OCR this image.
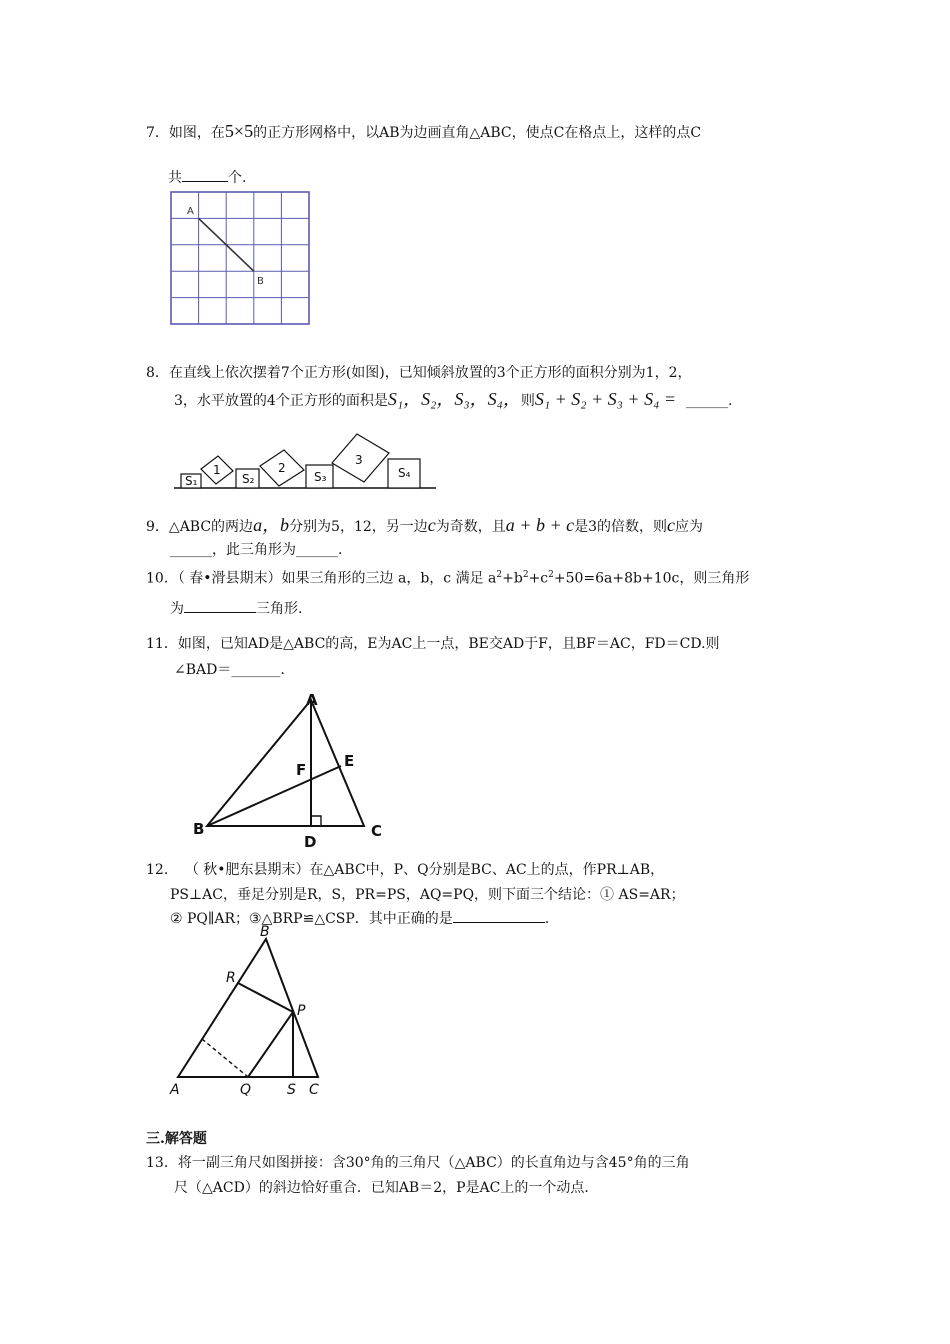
7．如图，在5×5的正方形网格中，以AB为边画直角△ABC，使点C在格点上，这样的点C
共	个.
A
B
8．在直线上依次摆着7个正方形(如图)，已知倾斜放置的3个正方形的面积分别为1，2，
3，水平放置的4个正方形的面积是S₁，S₂，S₃，S₄，则S₁ + S₂ + S₃ + S₄ = ______.
S₁
1
S₂
2
S₃
3
S₄
9．△ABC的两边a，b分别为5，12，另一边c为奇数，且a + b + c是3的倍数，则c应为
______，此三角形为______.
10．（ 春•滑县期末）如果三角形的三边 a，b，c 满足 $a^2+b^2+c^2+50=6a+8b+10c$，则三角形
为	三角形.
11．如图，已知AD是△ABC的高，E为AC上一点，BE交AD于F，且BF＝AC，FD＝CD.则
∠BAD＝_______.
A
B	C
D
E
F
12． （ 秋•肥东县期末）在△ABC中，P、Q分别是BC、AC上的点，作PR⊥AB，
PS⊥AC，垂足分别是R，S，PR=PS，AQ=PQ，则下面三个结论：① AS=AR；
② PQ∥AR；③△BRP≌△CSP．其中正确的是	．
A
B
C
P
Q
R
S
三.解答题
13．将一副三角尺如图拼接：含30°角的三角尺（△ABC）的长直角边与含45°角的三角
尺（△ACD）的斜边恰好重合．已知AB＝2，P是AC上的一个动点．
